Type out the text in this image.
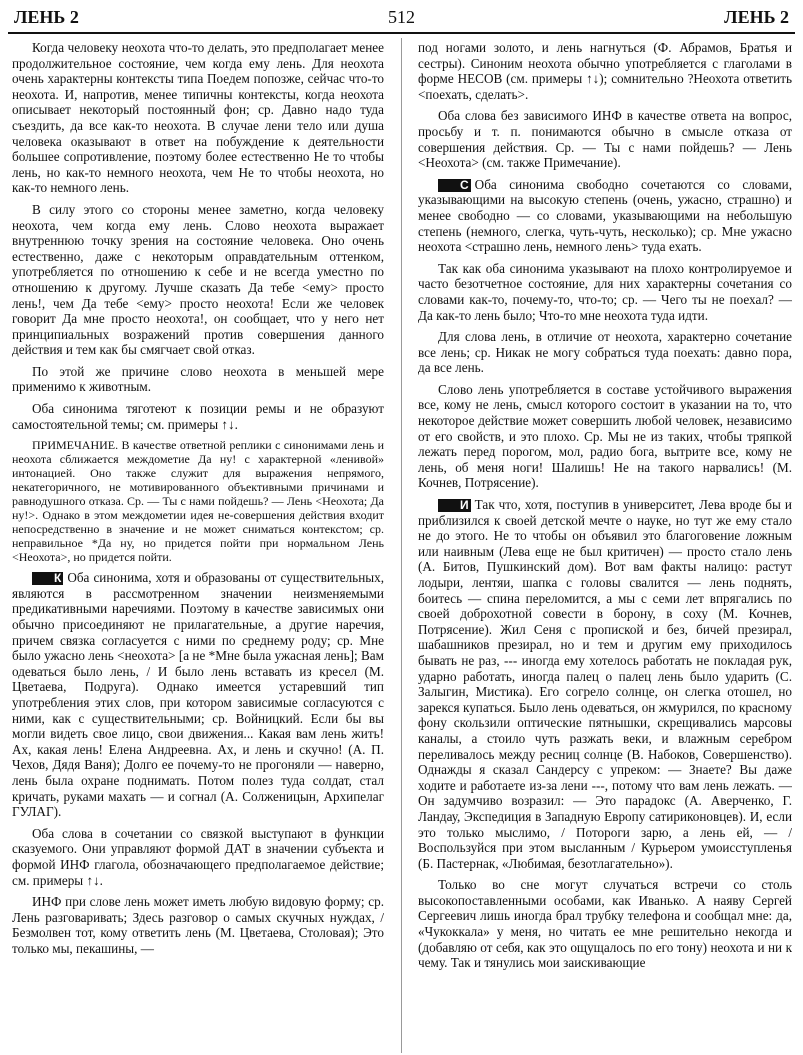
ЛЕНЬ 2	512	ЛЕНЬ 2

Когда человеку неохота что-то делать, это предполагает менее продолжительное состояние, чем когда ему лень. Для неохота очень характерны контексты типа Поедем попозже, сейчас что-то неохота. И, напротив, менее типичны контексты, когда неохота описывает некоторый постоянный фон; ср. Давно надо туда съездить, да все как-то неохота. В случае лени тело или душа человека оказывают в ответ на побуждение к деятельности большее сопротивление, поэтому более естественно Не то чтобы лень, но как-то немного неохота, чем Не то чтобы неохота, но как-то немного лень.

В силу этого со стороны менее заметно, когда человеку неохота, чем когда ему лень. Слово неохота выражает внутреннюю точку зрения на состояние человека. Оно очень естественно, даже с некоторым оправдательным оттенком, употребляется по отношению к себе и не всегда уместно по отношению к другому. Лучше сказать Да тебе <ему> просто лень!, чем Да тебе <ему> просто неохота! Если же человек говорит Да мне просто неохота!, он сообщает, что у него нет принципиальных возражений против совершения данного действия и тем как бы смягчает свой отказ.

По этой же причине слово неохота в меньшей мере применимо к животным.

Оба синонима тяготеют к позиции ремы и не образуют самостоятельной темы; см. примеры ↑↓.

ПРИМЕЧАНИЕ. В качестве ответной реплики с синонимами лень и неохота сближается междометие Да ну! с характерной «ленивой» интонацией. Оно также служит для выражения непрямого, некатегоричного, не мотивированного объективными причинами и равнодушного отказа. Ср. — Ты с нами пойдешь? — Лень <Неохота; Да ну!>. Однако в этом междометии идея не-совершения действия входит непосредственно в значение и не может сниматься контекстом; ср. неправильное *Да ну, но придется пойти при нормальном Лень <Неохота>, но придется пойти.

К Оба синонима, хотя и образованы от существительных, являются в рассмотренном значении неизменяемыми предикативными наречиями. Поэтому в качестве зависимых они обычно присоединяют не прилагательные, а другие наречия, причем связка согласуется с ними по среднему роду; ср. Мне было ужасно лень <неохота> [а не *Мне была ужасная лень]; Вам одеваться было лень, / И было лень вставать из кресел (М. Цветаева, Подруга). Однако имеется устаревший тип употребления этих слов, при котором зависимые согласуются с ними, как с существительными; ср. Войницкий. Если бы вы могли видеть свое лицо, свои движения... Какая вам лень жить! Ах, какая лень! Елена Андреевна. Ах, и лень и скучно! (А. П. Чехов, Дядя Ваня); Долго ее почему-то не прогоняли — наверно, лень была охране поднимать. Потом полез туда солдат, стал кричать, руками махать — и согнал (А. Солженицын, Архипелаг ГУЛАГ).

Оба слова в сочетании со связкой выступают в функции сказуемого. Они управляют формой ДАТ в значении субъекта и формой ИНФ глагола, обозначающего предполагаемое действие; см. примеры ↑↓.

ИНФ при слове лень может иметь любую видовую форму; ср. Лень разговаривать; Здесь разговор о самых скучных нуждах, / Безмолвен тот, кому ответить лень (М. Цветаева, Столовая); Это только мы, пекашины, —

под ногами золото, и лень нагнуться (Ф. Абрамов, Братья и сестры). Синоним неохота обычно употребляется с глаголами в форме НЕСОВ (см. примеры ↑↓); сомнительно ?Неохота ответить <поехать, сделать>.

Оба слова без зависимого ИНФ в качестве ответа на вопрос, просьбу и т. п. понимаются обычно в смысле отказа от совершения действия. Ср. — Ты с нами пойдешь? — Лень <Неохота> (см. также Примечание).

С Оба синонима свободно сочетаются со словами, указывающими на высокую степень (очень, ужасно, страшно) и менее свободно — со словами, указывающими на небольшую степень (немного, слегка, чуть-чуть, несколько); ср. Мне ужасно неохота <страшно лень, немного лень> туда ехать.

Так как оба синонима указывают на плохо контролируемое и часто безотчетное состояние, для них характерны сочетания со словами как-то, почему-то, что-то; ср. — Чего ты не поехал? — Да как-то лень было; Что-то мне неохота туда идти.

Для слова лень, в отличие от неохота, характерно сочетание все лень; ср. Никак не могу собраться туда поехать: давно пора, да все лень.

Слово лень употребляется в составе устойчивого выражения все, кому не лень, смысл которого состоит в указании на то, что некоторое действие может совершить любой человек, независимо от его свойств, и это плохо. Ср. Мы не из таких, чтобы тряпкой лежать перед порогом, мол, радио бога, вытрите все, кому не лень, об меня ноги! Шалишь! Не на такого нарвались! (М. Кочнев, Потрясение).

И Так что, хотя, поступив в университет, Лева вроде бы и приблизился к своей детской мечте о науке, но тут же ему стало не до этого. Не то чтобы он объявил это благоговение ложным или наивным (Лева еще не был критичен) — просто стало лень (А. Битов, Пушкинский дом). Вот вам факты налицо: растут лодыри, лентяи, шапка с головы свалится — лень поднять, боитесь — спина переломится, а мы с семи лет впрягались по своей доброхотной совести в борону, в соху (М. Кочнев, Потрясение). Жил Сеня с пропиской и без, бичей презирал, шабашников презирал, но и тем и другим ему приходилось бывать не раз, --- иногда ему хотелось работать не покладая рук, ударно работать, иногда палец о палец лень было ударить (С. Залыгин, Мистика). Его согрело солнце, он слегка отошел, но зарекся купаться. Было лень одеваться, он жмурился, по красному фону скользили оптические пятнышки, скрещивались марсовы каналы, а стоило чуть разжать веки, и влажным серебром переливалось между ресниц солнце (В. Набоков, Совершенство). Однажды я сказал Сандерсу с упреком: — Знаете? Вы даже ходите и работаете из-за лени ---, потому что вам лень лежать. — Он задумчиво возразил: — Это парадокс (А. Аверченко, Г. Ландау, Экспедиция в Западную Европу сатириконовцев). И, если это только мыслимо, / Потороги зарю, а лень ей, — / Воспользуйся при этом высланным / Курьером умоисступленья (Б. Пастернак, «Любимая, безотлагательно»).

Только во сне могут случаться встречи со столь высокопоставленными особами, как Иванько. А наяву Сергей Сергеевич лишь иногда брал трубку телефона и сообщал мне: да, «Чукоккала» у меня, но читать ее мне решительно некогда и (добавляю от себя, как это ощущалось по его тону) неохота и ни к чему. Так и тянулись мои заискивающие
